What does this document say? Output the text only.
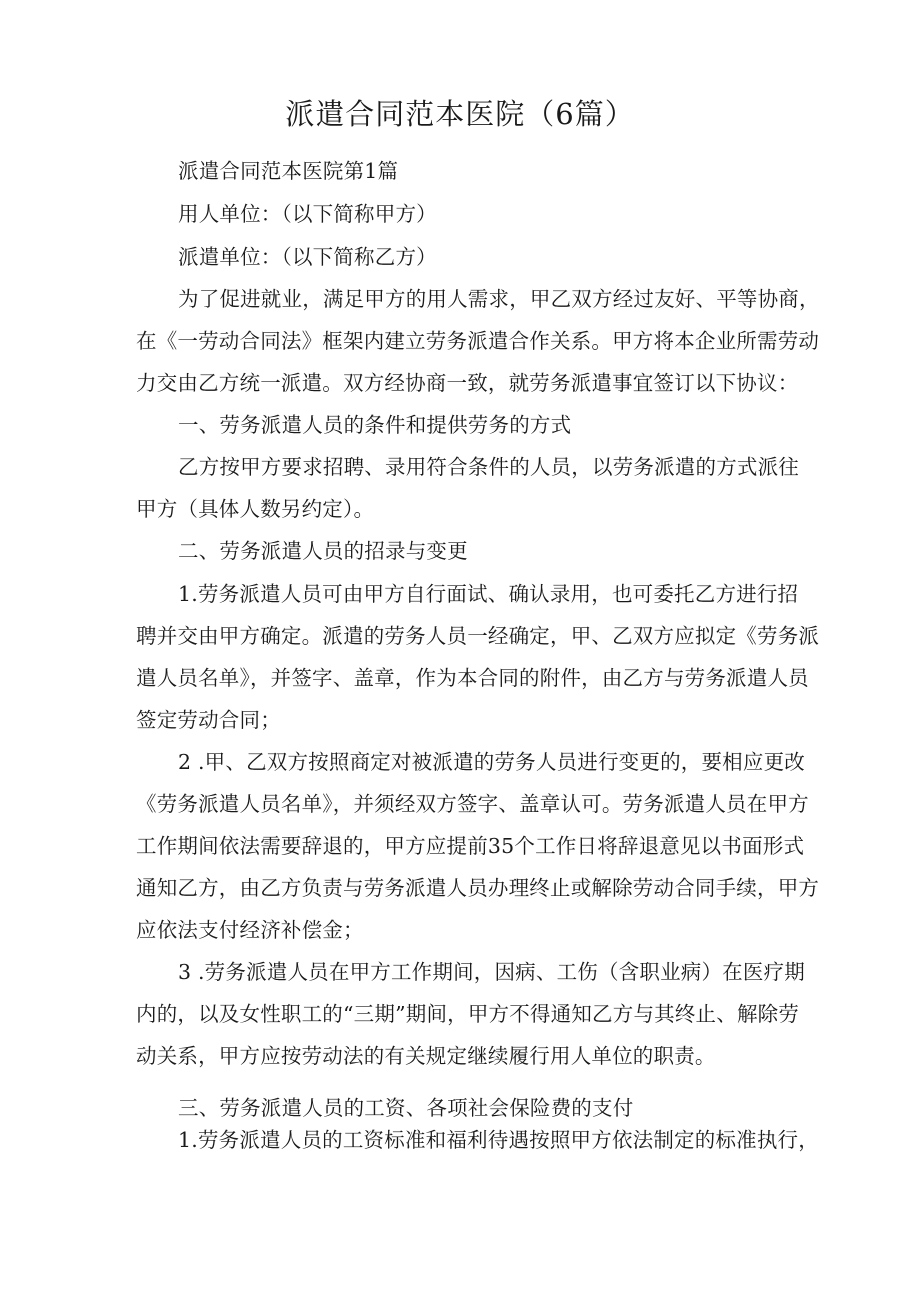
派遣合同范本医院（6篇）
派遣合同范本医院第1篇
用人单位：（以下简称甲方）
派遣单位：（以下简称乙方）
为了促进就业，满足甲方的用人需求，甲乙双方经过友好、平等协商，
在《一劳动合同法》框架内建立劳务派遣合作关系。甲方将本企业所需劳动
力交由乙方统一派遣。双方经协商一致，就劳务派遣事宜签订以下协议：
一、劳务派遣人员的条件和提供劳务的方式
乙方按甲方要求招聘、录用符合条件的人员，以劳务派遣的方式派往
甲方（具体人数另约定）。
二、劳务派遣人员的招录与变更
1.劳务派遣人员可由甲方自行面试、确认录用，也可委托乙方进行招
聘并交由甲方确定。派遣的劳务人员一经确定，甲、乙双方应拟定《劳务派
遣人员名单》，并签字、盖章，作为本合同的附件，由乙方与劳务派遣人员
签定劳动合同；
2 .甲、乙双方按照商定对被派遣的劳务人员进行变更的，要相应更改
《劳务派遣人员名单》，并须经双方签字、盖章认可。劳务派遣人员在甲方
工作期间依法需要辞退的，甲方应提前35个工作日将辞退意见以书面形式
通知乙方，由乙方负责与劳务派遣人员办理终止或解除劳动合同手续，甲方
应依法支付经济补偿金；
3 .劳务派遣人员在甲方工作期间，因病、工伤（含职业病）在医疗期
内的，以及女性职工的“三期”期间，甲方不得通知乙方与其终止、解除劳
动关系，甲方应按劳动法的有关规定继续履行用人单位的职责。
三、劳务派遣人员的工资、各项社会保险费的支付
1.劳务派遣人员的工资标准和福利待遇按照甲方依法制定的标准执行，
